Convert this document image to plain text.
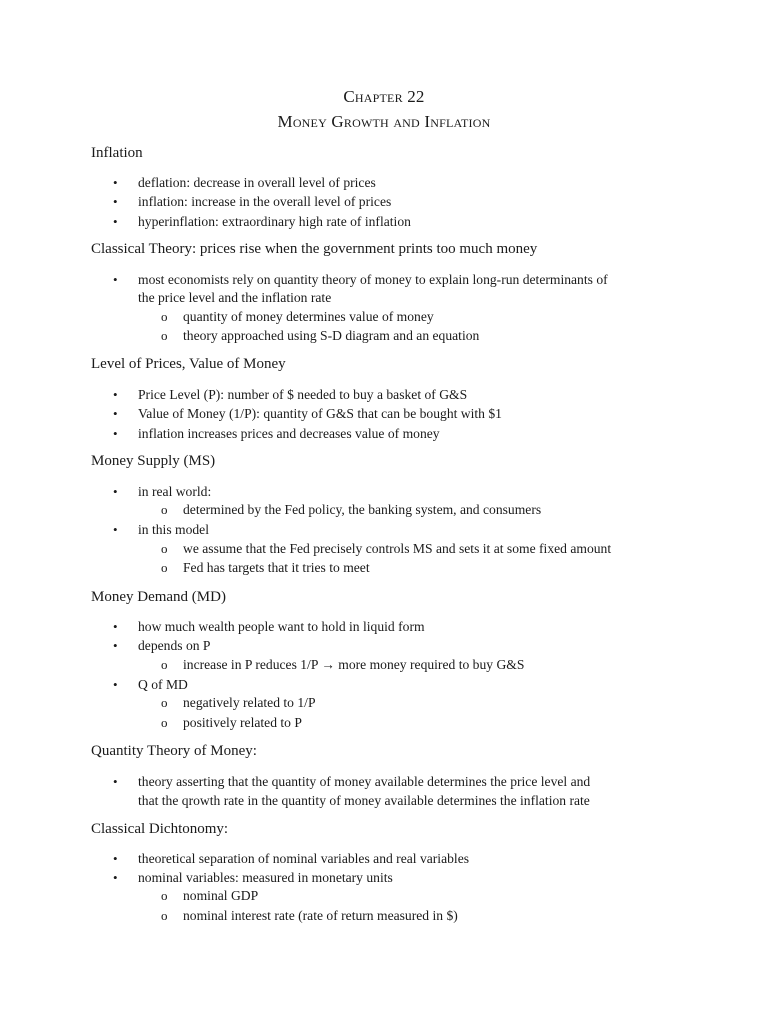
Chapter 22
Money Growth and Inflation
Inflation
• deflation: decrease in overall level of prices
• inflation: increase in the overall level of prices
• hyperinflation: extraordinary high rate of inflation
Classical Theory: prices rise when the government prints too much money
• most economists rely on quantity theory of money to explain long-run determinants of
the price level and the inflation rate
o quantity of money determines value of money
o theory approached using S-D diagram and an equation
Level of Prices, Value of Money
• Price Level (P): number of $ needed to buy a basket of G&S
• Value of Money (1/P): quantity of G&S that can be bought with $1
• inflation increases prices and decreases value of money
Money Supply (MS)
• in real world:
o determined by the Fed policy, the banking system, and consumers
• in this model
o we assume that the Fed precisely controls MS and sets it at some fixed amount
o Fed has targets that it tries to meet
Money Demand (MD)
• how much wealth people want to hold in liquid form
• depends on P
o increase in P reduces 1/P → more money required to buy G&S
• Q of MD
o negatively related to 1/P
o positively related to P
Quantity Theory of Money:
• theory asserting that the quantity of money available determines the price level and
that the qrowth rate in the quantity of money available determines the inflation rate
Classical Dichtonomy:
• theoretical separation of nominal variables and real variables
• nominal variables: measured in monetary units
o nominal GDP
o nominal interest rate (rate of return measured in $)
